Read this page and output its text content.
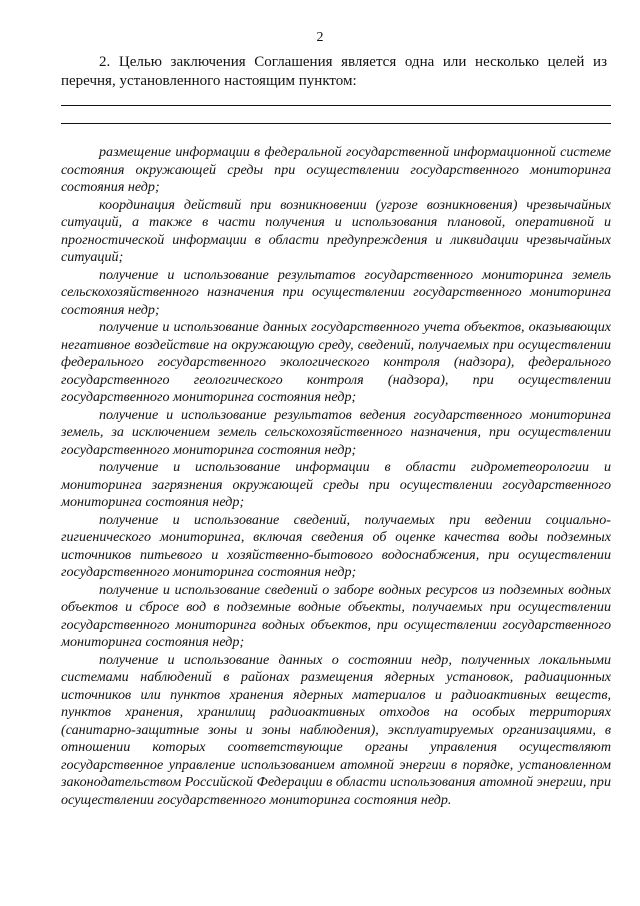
2

2. Целью заключения Соглашения является одна или несколько целей из перечня, установленного настоящим пунктом:

размещение информации в федеральной государственной информационной системе состояния окружающей среды при осуществлении государственного мониторинга состояния недр;

координация действий при возникновении (угрозе возникновения) чрезвычайных ситуаций, а также в части получения и использования плановой, оперативной и прогностической информации в области предупреждения и ликвидации чрезвычайных ситуаций;

получение и использование результатов государственного мониторинга земель сельскохозяйственного назначения при осуществлении государственного мониторинга состояния недр;

получение и использование данных государственного учета объектов, оказывающих негативное воздействие на окружающую среду, сведений, получаемых при осуществлении федерального государственного экологического контроля (надзора), федерального государственного геологического контроля (надзора), при осуществлении государственного мониторинга состояния недр;

получение и использование результатов ведения государственного мониторинга земель, за исключением земель сельскохозяйственного назначения, при осуществлении государственного мониторинга состояния недр;

получение и использование информации в области гидрометеорологии и мониторинга загрязнения окружающей среды при осуществлении государственного мониторинга состояния недр;

получение и использование сведений, получаемых при ведении социально-гигиенического мониторинга, включая сведения об оценке качества воды подземных источников питьевого и хозяйственно-бытового водоснабжения, при осуществлении государственного мониторинга состояния недр;

получение и использование сведений о заборе водных ресурсов из подземных водных объектов и сбросе вод в подземные водные объекты, получаемых при осуществлении государственного мониторинга водных объектов, при осуществлении государственного мониторинга состояния недр;

получение и использование данных о состоянии недр, полученных локальными системами наблюдений в районах размещения ядерных установок, радиационных источников или пунктов хранения ядерных материалов и радиоактивных веществ, пунктов хранения, хранилищ радиоактивных отходов на особых территориях (санитарно-защитные зоны и зоны наблюдения), эксплуатируемых организациями, в отношении которых соответствующие органы управления осуществляют государственное управление использованием атомной энергии в порядке, установленном законодательством Российской Федерации в области использования атомной энергии, при осуществлении государственного мониторинга состояния недр.
